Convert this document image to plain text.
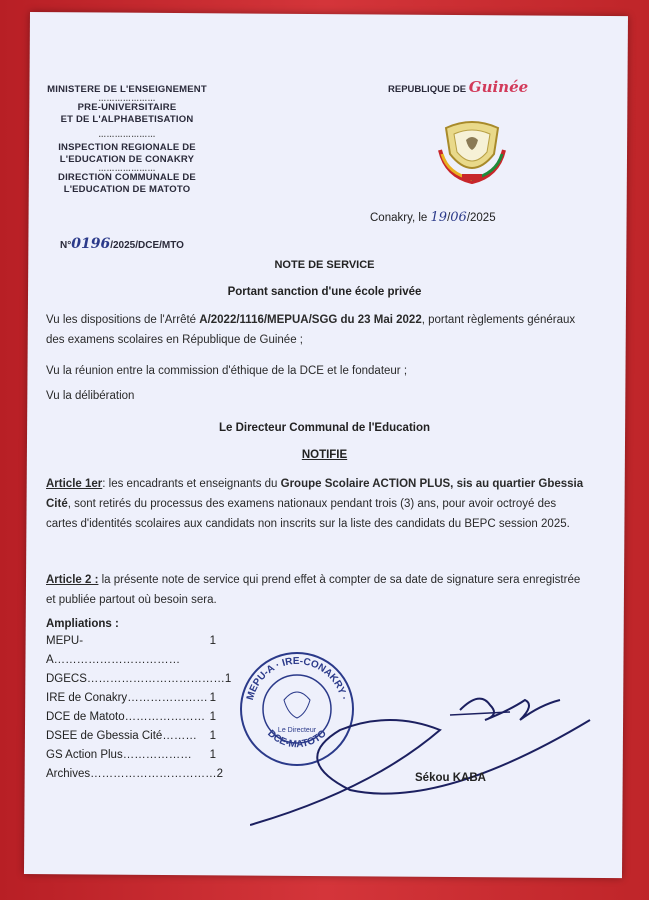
MINISTERE DE L'ENSEIGNEMENT
…………………
PRE-UNIVERSITAIRE
ET DE L'ALPHABETISATION
…………………
INSPECTION REGIONALE DE
L'EDUCATION DE CONAKRY
…………………
DIRECTION COMMUNALE DE
L'EDUCATION DE MATOTO
REPUBLIQUE DE Guinée
Conakry, le 19/06/2025
N°0196/2025/DCE/MTO
NOTE DE SERVICE
Portant sanction d'une école privée
Vu les dispositions de l'Arrêté A/2022/1116/MEPUA/SGG du 23 Mai 2022, portant règlements généraux des examens scolaires en République de Guinée ;
Vu la réunion entre la commission d'éthique de la DCE et le fondateur ;
Vu la délibération
Le Directeur Communal de l'Education
NOTIFIE
Article 1er: les encadrants et enseignants du Groupe Scolaire ACTION PLUS, sis au quartier Gbessia Cité, sont retirés du processus des examens nationaux pendant trois (3) ans, pour avoir octroyé des cartes d'identités scolaires aux candidats non inscrits sur la liste des candidats du BEPC session 2025.
Article 2 : la présente note de service qui prend effet à compter de sa date de signature sera enregistrée et publiée partout où besoin sera.
Ampliations :
MEPU-A……………………………
1
DGECS……………………………… 1
IRE de Conakry………………… 1
DCE de Matoto………………… 1
DSEE de Gbessia Cité……… 1
GS Action Plus……………… 1
Archives…………………………… 2
MEPU-A · IRE-CONAKRY ·
DCE-MATOTO
Le Directeur
Sékou KABA
